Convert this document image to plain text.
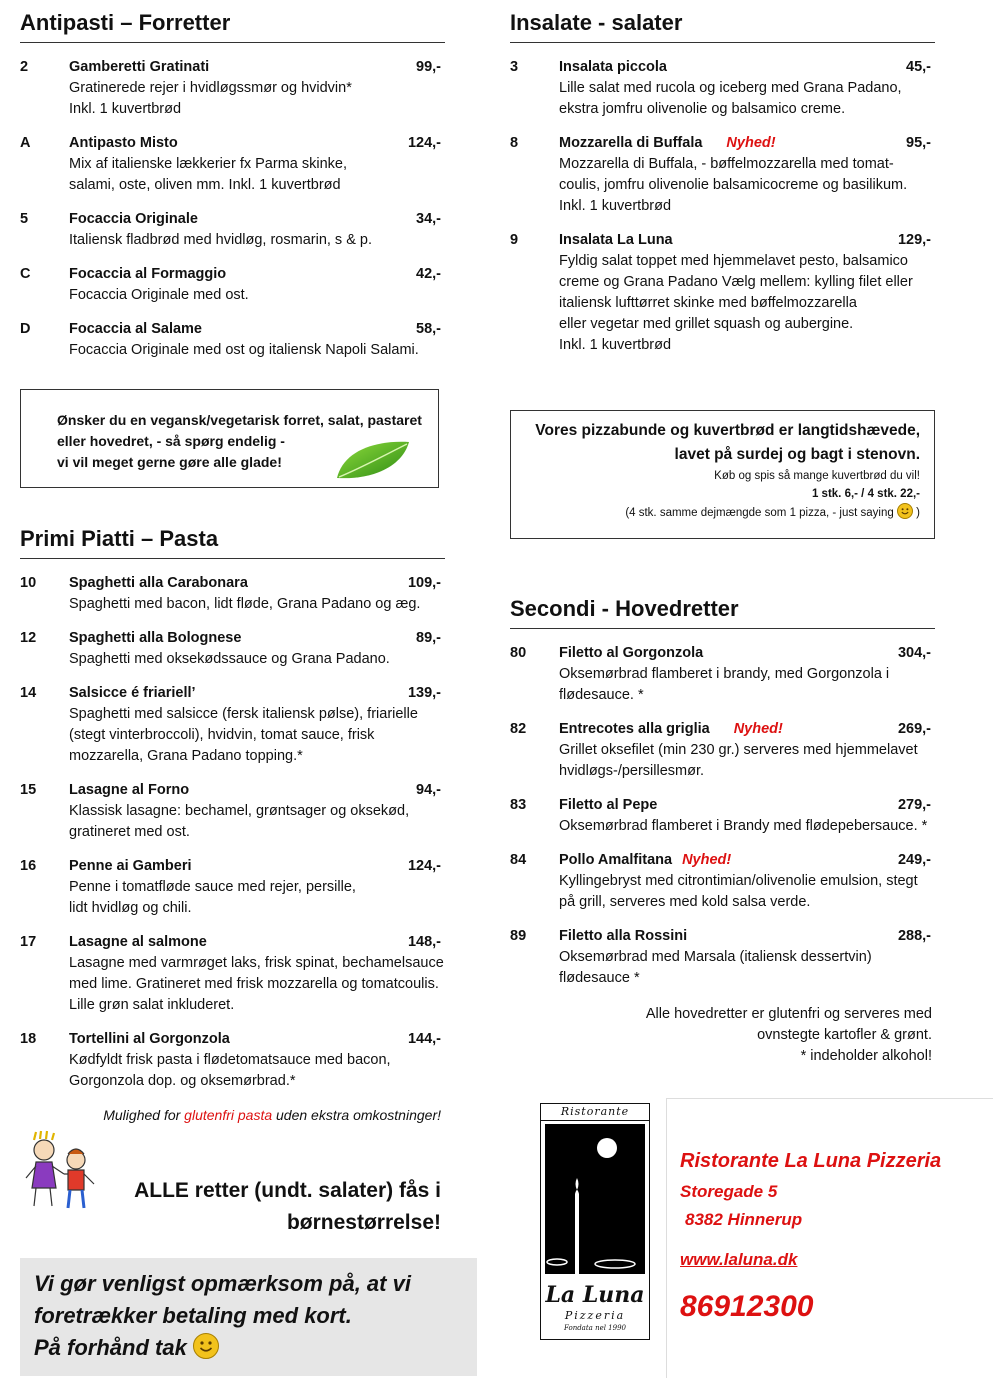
Antipasti – Forretter
2	Gamberetti Gratinati	99,-
Gratinerede rejer i hvidløgssmør og hvidvin*
Inkl. 1 kuvertbrød
A	Antipasto Misto	124,-
Mix af italienske lækkerier fx Parma skinke,
salami, oste, oliven mm. Inkl. 1 kuvertbrød
5	Focaccia Originale	34,-
Italiensk fladbrød med hvidløg, rosmarin, s & p.
C	Focaccia al Formaggio	42,-
Focaccia Originale med ost.
D	Focaccia al Salame	58,-
Focaccia Originale med ost og italiensk Napoli Salami.
Ønsker du en vegansk/vegetarisk forret, salat, pastaret
eller hovedret, - så spørg endelig -
vi vil meget gerne gøre alle glade!
Insalate - salater
3	Insalata piccola	45,-
Lille salat med rucola og iceberg med Grana Padano,
ekstra jomfru olivenolie og balsamico creme.
8	Mozzarella di Buffala Nyhed!	95,-
Mozzarella di Buffala, - bøffelmozzarella med tomat-
coulis, jomfru olivenolie balsamicocreme og basilikum.
Inkl. 1 kuvertbrød
9	Insalata La Luna	129,-
Fyldig salat toppet med hjemmelavet pesto, balsamico
creme og Grana Padano Vælg mellem: kylling filet eller
italiensk lufttørret skinke med bøffelmozzarella
eller vegetar med grillet squash og aubergine.
Inkl. 1 kuvertbrød
Vores pizzabunde og kuvertbrød er langtidshævede,
lavet på surdej og bagt i stenovn.
Køb og spis så mange kuvertbrød du vil!
1 stk. 6,- / 4 stk. 22,-
(4 stk. samme dejmængde som 1 pizza, - just saying )
Primi Piatti – Pasta
10 Spaghetti alla Carabonara	109,-
Spaghetti med bacon, lidt fløde, Grana Padano og æg.
12 Spaghetti alla Bolognese	89,-
Spaghetti med oksekødssauce og Grana Padano.
14 Salsicce é friariell’	139,-
Spaghetti med salsicce (fersk italiensk pølse), friarielle
(stegt vinterbroccoli), hvidvin, tomat sauce, frisk
mozzarella, Grana Padano topping.*
15 Lasagne al Forno	94,-
Klassisk lasagne: bechamel, grøntsager og oksekød,
gratineret med ost.
16 Penne ai Gamberi	124,-
Penne i tomatfløde sauce med rejer, persille,
lidt hvidløg og chili.
17 Lasagne al salmone	148,-
Lasagne med varmrøget laks, frisk spinat, bechamelsauce
med lime. Gratineret med frisk mozzarella og tomatcoulis.
Lille grøn salat inkluderet.
18 Tortellini al Gorgonzola	144,-
Kødfyldt frisk pasta i flødetomatsauce med bacon,
Gorgonzola dop. og oksemørbrad.*
Mulighed for glutenfri pasta uden ekstra omkostninger!
ALLE retter (undt. salater) fås i
børnestørrelse!
Vi gør venligst opmærksom på, at vi
foretrækker betaling med kort.
På forhånd tak
Secondi - Hovedretter
80 Filetto al Gorgonzola	304,-
Oksemørbrad flamberet i brandy, med Gorgonzola i
flødesauce. *
82 Entrecotes alla griglia Nyhed!	269,-
Grillet oksefilet (min 230 gr.) serveres med hjemmelavet
hvidløgs-/persillesmør.
83 Filetto al Pepe	279,-
Oksemørbrad flamberet i Brandy med flødepebersauce. *
84 Pollo Amalfitana Nyhed!	249,-
Kyllingebryst med citrontimian/olivenolie emulsion, stegt
på grill, serveres med kold salsa verde.
89 Filetto alla Rossini	288,-
Oksemørbrad med Marsala (italiensk dessertvin)
flødesauce *
Alle hovedretter er glutenfri og serveres med
ovnstegte kartofler & grønt.
* indeholder alkohol!
Ristorante
La Luna
Pizzeria
Fondata nel 1990
Ristorante La Luna Pizzeria
Storegade 5
8382 Hinnerup
www.laluna.dk
86912300
